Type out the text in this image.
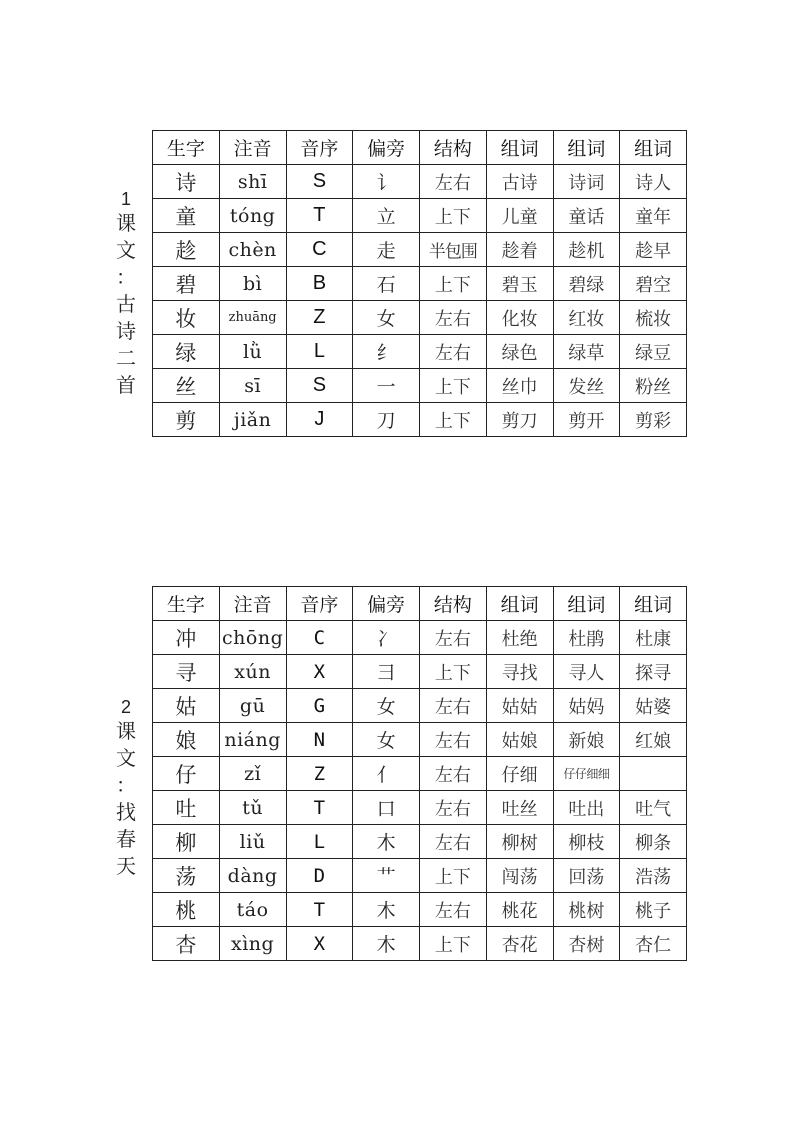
1
课
文
：
古
诗
二
首
生字	注音	音序	偏旁	结构	组词	组词	组词
诗	shī	S	讠	左右	古诗	诗词	诗人
童	tóng	T	立	上下	儿童	童话	童年
趁	chèn	C	走	半包围	趁着	趁机	趁早
碧	bì	B	石	上下	碧玉	碧绿	碧空
妆	zhuāng	Z	女	左右	化妆	红妆	梳妆
绿	lǜ	L	纟	左右	绿色	绿草	绿豆
丝	sī	S	一	上下	丝巾	发丝	粉丝
剪	jiǎn	J	刀	上下	剪刀	剪开	剪彩
2
课
文
：
找
春
天
生字	注音	音序	偏旁	结构	组词	组词	组词
冲	chōng	C	冫	左右	杜绝	杜鹃	杜康
寻	xún	X	彐	上下	寻找	寻人	探寻
姑	gū	G	女	左右	姑姑	姑妈	姑婆
娘	niáng	N	女	左右	姑娘	新娘	红娘
仔	zǐ	Z	亻	左右	仔细	仔仔细细	
吐	tǔ	T	口	左右	吐丝	吐出	吐气
柳	liǔ	L	木	左右	柳树	柳枝	柳条
荡	dàng	D	艹	上下	闯荡	回荡	浩荡
桃	táo	T	木	左右	桃花	桃树	桃子
杏	xìng	X	木	上下	杏花	杏树	杏仁
